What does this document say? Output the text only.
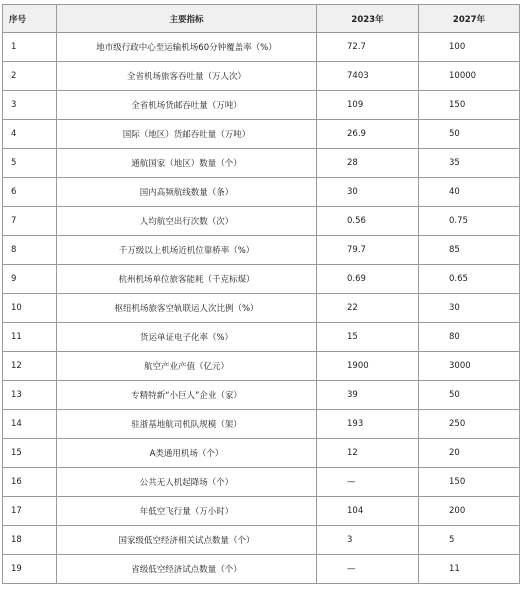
序号	主要指标	2023年	2027年
1	地市级行政中心至运输机场60分钟覆盖率（%）	72.7	100
2	全省机场旅客吞吐量（万人次）	7403	10000
3	全省机场货邮吞吐量（万吨）	109	150
4	国际（地区）货邮吞吐量（万吨）	26.9	50
5	通航国家（地区）数量（个）	28	35
6	国内高频航线数量（条）	30	40
7	人均航空出行次数（次）	0.56	0.75
8	千万级以上机场近机位靠桥率（%）	79.7	85
9	杭州机场单位旅客能耗（千克标煤）	0.69	0.65
10	枢纽机场旅客空轨联运人次比例（%）	22	30
11	货运单证电子化率（%）	15	80
12	航空产业产值（亿元）	1900	3000
13	专精特新“小巨人”企业（家）	39	50
14	驻浙基地航司机队规模（架）	193	250
15	A类通用机场（个）	12	20
16	公共无人机起降场（个）	—	150
17	年低空飞行量（万小时）	104	200
18	国家级低空经济相关试点数量（个）	3	5
19	省级低空经济试点数量（个）	—	11
